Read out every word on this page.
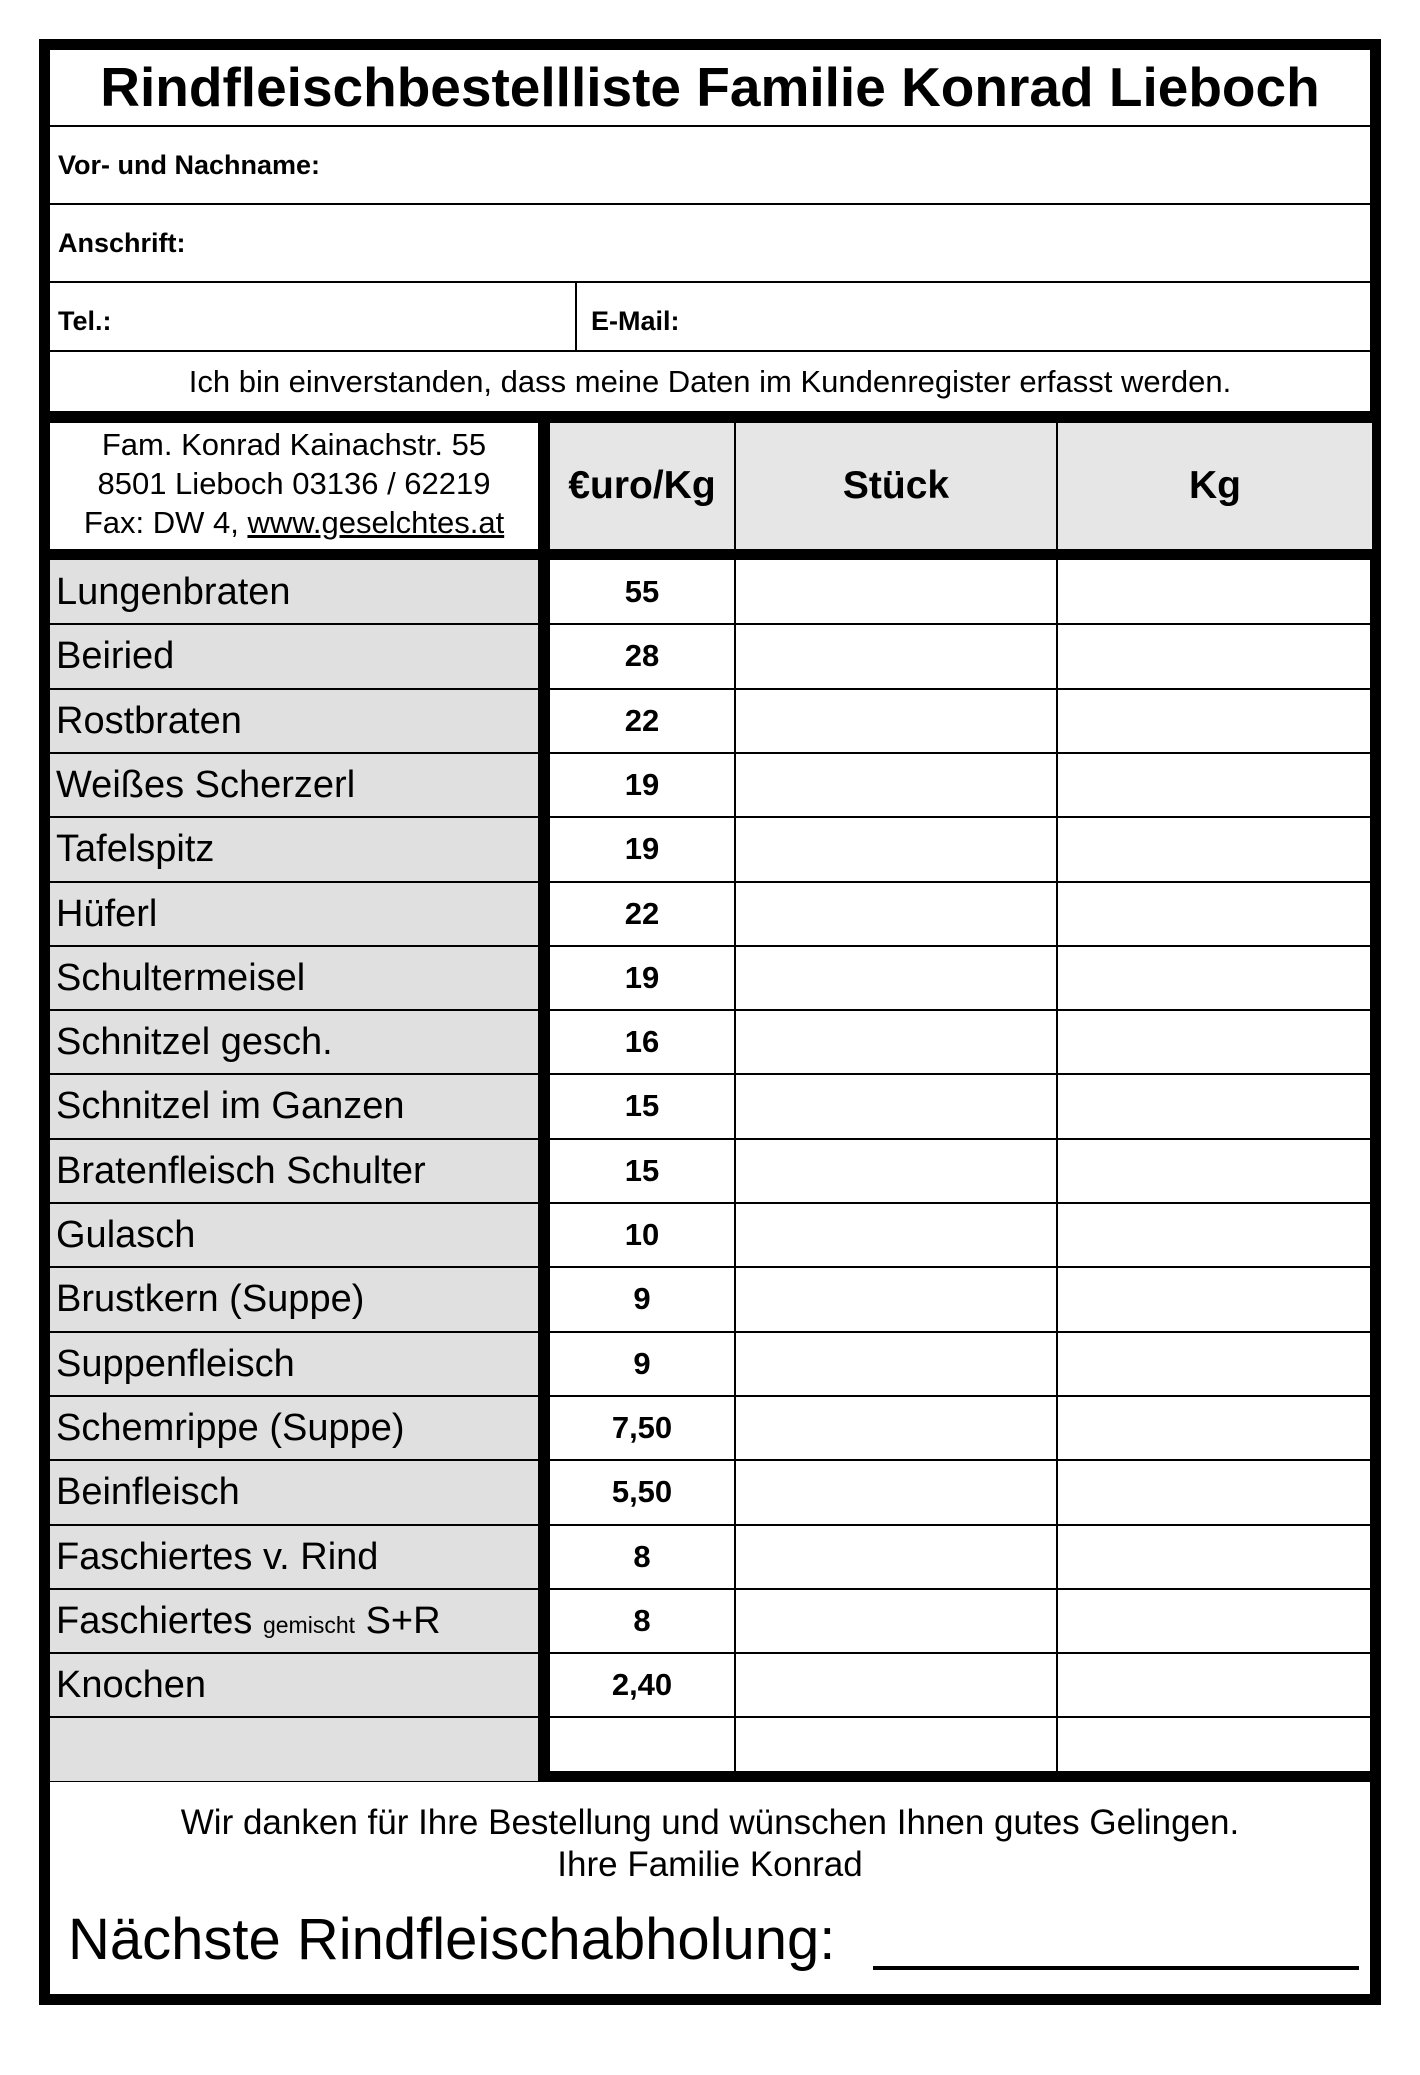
Rindfleischbestellliste Familie Konrad Lieboch
Vor- und Nachname:
Anschrift:
Tel.:	E-Mail:
Ich bin einverstanden, dass meine Daten im Kundenregister erfasst werden.
Fam. Konrad Kainachstr. 55
8501 Lieboch 03136 / 62219
Fax: DW 4, www.geselchtes.at
€uro/Kg	Stück	Kg
Lungenbraten	55
Beiried	28
Rostbraten	22
Weißes Scherzerl	19
Tafelspitz	19
Hüferl	22
Schultermeisel	19
Schnitzel gesch.	16
Schnitzel im Ganzen	15
Bratenfleisch Schulter	15
Gulasch	10
Brustkern (Suppe)	9
Suppenfleisch	9
Schemrippe (Suppe)	7,50
Beinfleisch	5,50
Faschiertes v. Rind	8
Faschiertes gemischt S+R	8
Knochen	2,40
Wir danken für Ihre Bestellung und wünschen Ihnen gutes Gelingen.
Ihre Familie Konrad
Nächste Rindfleischabholung:
